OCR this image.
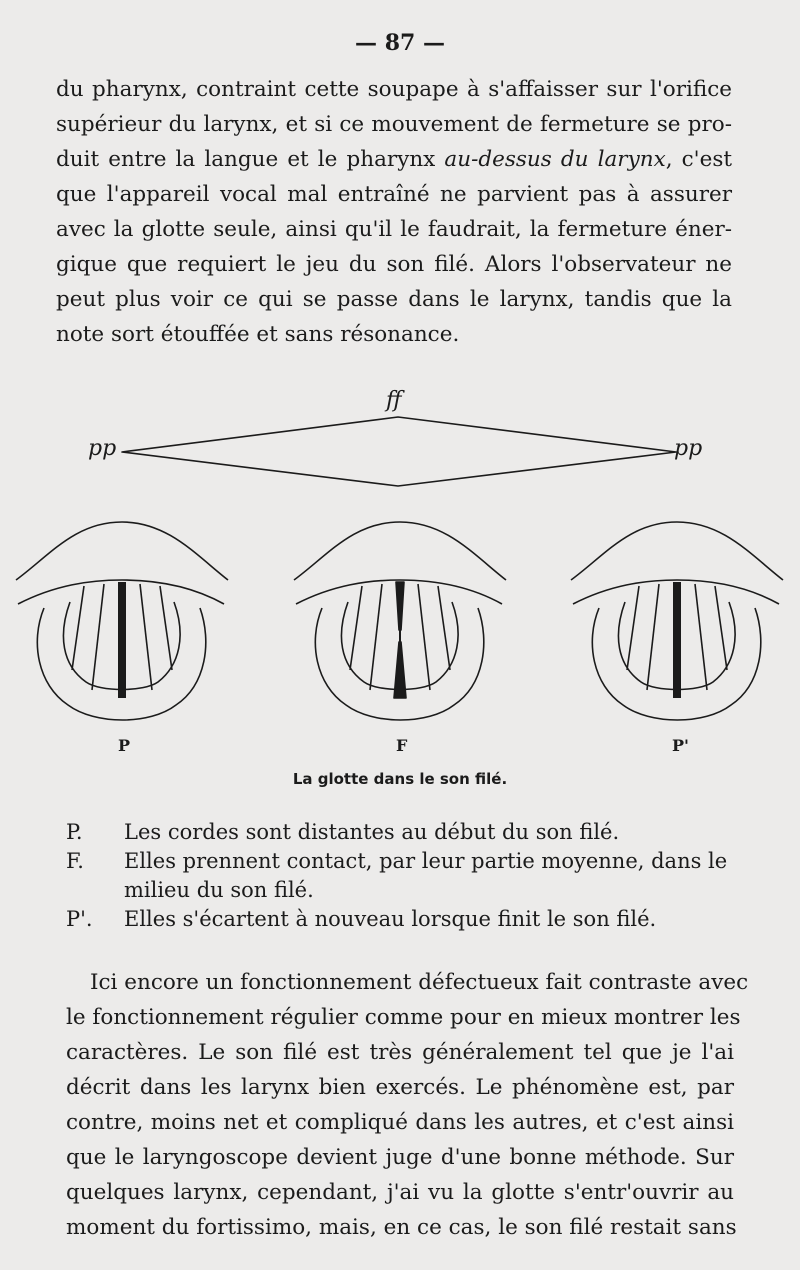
— 87 —

du pharynx, contraint cette soupape à s'affaisser sur l'orifice
supérieur du larynx, et si ce mouvement de fermeture se pro-
duit entre la langue et le pharynx au-dessus du larynx, c'est
que l'appareil vocal mal entraîné ne parvient pas à assurer
avec la glotte seule, ainsi qu'il le faudrait, la fermeture éner-
gique que requiert le jeu du son filé. Alors l'observateur ne
peut plus voir ce qui se passe dans le larynx, tandis que la
note sort étouffée et sans résonance.

pp
ff
pp
P	F	P'
La glotte dans le son filé.
P. Les cordes sont distantes au début du son filé.
F. Elles prennent contact, par leur partie moyenne, dans le milieu du son filé.
P'. Elles s'écartent à nouveau lorsque finit le son filé.

Ici encore un fonctionnement défectueux fait contraste avec
le fonctionnement régulier comme pour en mieux montrer les
caractères. Le son filé est très généralement tel que je l'ai
décrit dans les larynx bien exercés. Le phénomène est, par
contre, moins net et compliqué dans les autres, et c'est ainsi
que le laryngoscope devient juge d'une bonne méthode. Sur
quelques larynx, cependant, j'ai vu la glotte s'entr'ouvrir au
moment du fortissimo, mais, en ce cas, le son filé restait sans
